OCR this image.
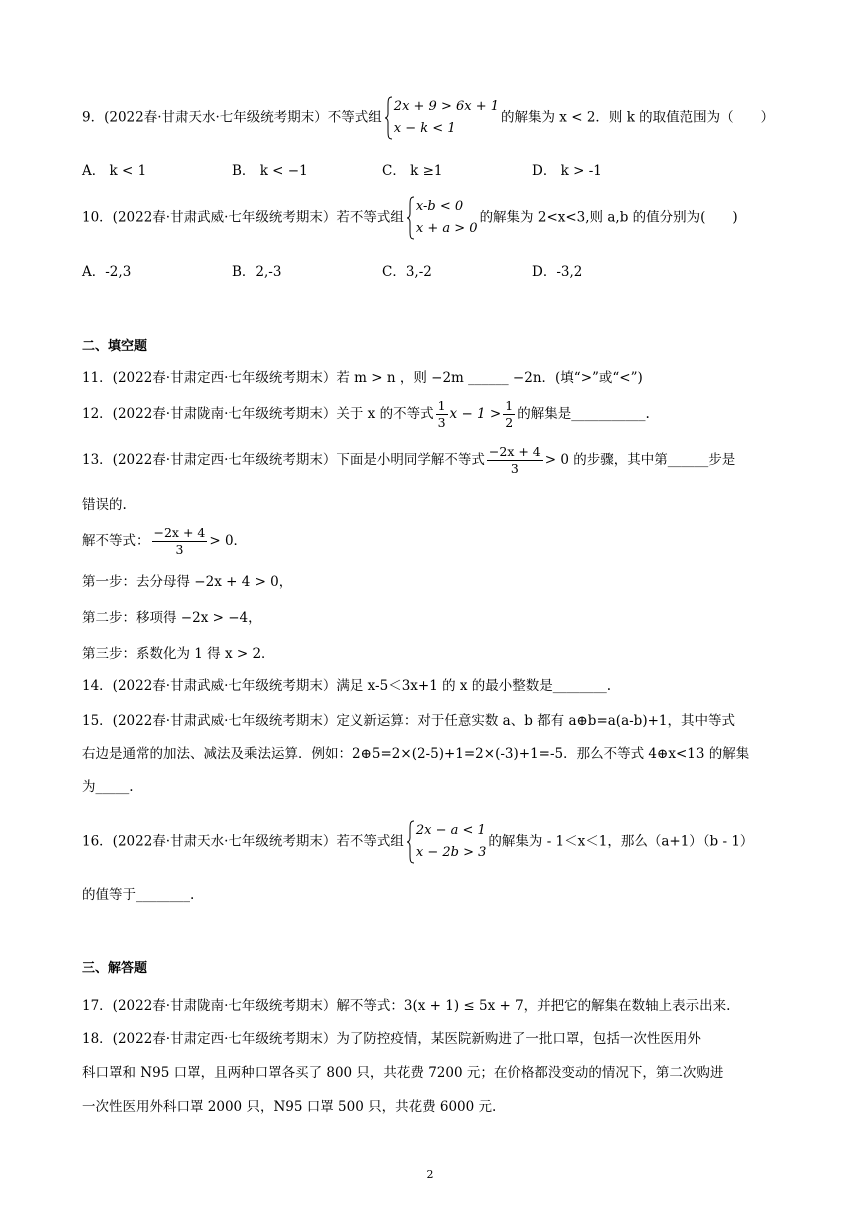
9．(2022春·甘肃天水·七年级统考期末）不等式组
2x + 9 > 6x + 1
x − k < 1
的解集为 x < 2．则 k 的取值范围为（　　）
A． k < 1	B． k < −1	C． k ≥1	D． k > -1
10．(2022春·甘肃武威·七年级统考期末）若不等式组
x-b < 0
x + a > 0
的解集为 2<x<3,则 a,b 的值分别为(　　)
A．-2,3	B．2,-3	C．3,-2	D．-3,2
二、填空题
11．(2022春·甘肃定西·七年级统考期末）若 m > n ，则 −2m ______ −2n．(填“>”或“<”)
12．(2022春·甘肃陇南·七年级统考期末）关于 x 的不等式 $\frac{1}{3}$ $x - 1 > \frac{1}{2}$ 的解集是___________.
13．(2022春·甘肃定西·七年级统考期末）下面是小明同学解不等式 $\frac{-2x + 4}{3} > 0$ 的步骤，其中第______步是
错误的.
解不等式： $\frac{-2x + 4}{3} > 0$．
第一步：去分母得 −2x + 4 > 0，
第二步：移项得 −2x > −4，
第三步：系数化为 1 得 x > 2．
14．(2022春·甘肃武威·七年级统考期末）满足 x-5＜3x+1 的 x 的最小整数是________.
15．(2022春·甘肃武威·七年级统考期末）定义新运算：对于任意实数 a、b 都有 a⊕b=a(a-b)+1，其中等式
右边是通常的加法、减法及乘法运算．例如：2⊕5=2×(2-5)+1=2×(-3)+1=-5．那么不等式 4⊕x<13 的解集
为_____.
16．(2022春·甘肃天水·七年级统考期末）若不等式组
2x − a < 1
x − 2b > 3
的解集为 - 1＜x＜1，那么（a+1）（b - 1）
的值等于________.
三、解答题
17．(2022春·甘肃陇南·七年级统考期末）解不等式：3(x + 1) ≤ 5x + 7，并把它的解集在数轴上表示出来.
18．(2022春·甘肃定西·七年级统考期末）为了防控疫情，某医院新购进了一批口罩，包括一次性医用外
科口罩和 N95 口罩，且两种口罩各买了 800 只，共花费 7200 元；在价格都没变动的情况下，第二次购进
一次性医用外科口罩 2000 只，N95 口罩 500 只，共花费 6000 元.
2
